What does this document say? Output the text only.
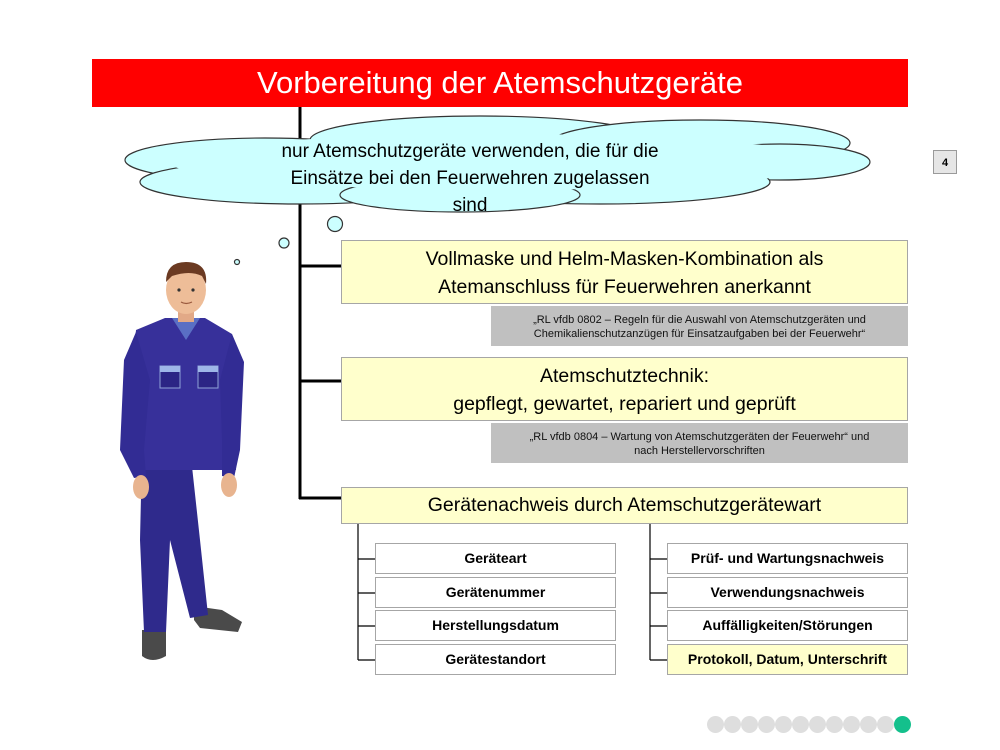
Vorbereitung der Atemschutzgeräte
4
nur Atemschutzgeräte verwenden, die für die
Einsätze bei den Feuerwehren zugelassen
sind
Vollmaske und Helm-Masken-Kombination als
Atemanschluss für Feuerwehren anerkannt
„RL vfdb 0802 – Regeln für die Auswahl von Atemschutzgeräten und
Chemikalienschutzanzügen für Einsatzaufgaben bei der Feuerwehr“
Atemschutztechnik:
gepflegt, gewartet, repariert und geprüft
„RL vfdb 0804 – Wartung von Atemschutzgeräten der Feuerwehr“ und
nach Herstellervorschriften
Gerätenachweis durch Atemschutzgerätewart
Geräteart
Gerätenummer
Herstellungsdatum
Gerätestandort
Prüf- und Wartungsnachweis
Verwendungsnachweis
Auffälligkeiten/Störungen
Protokoll, Datum, Unterschrift
